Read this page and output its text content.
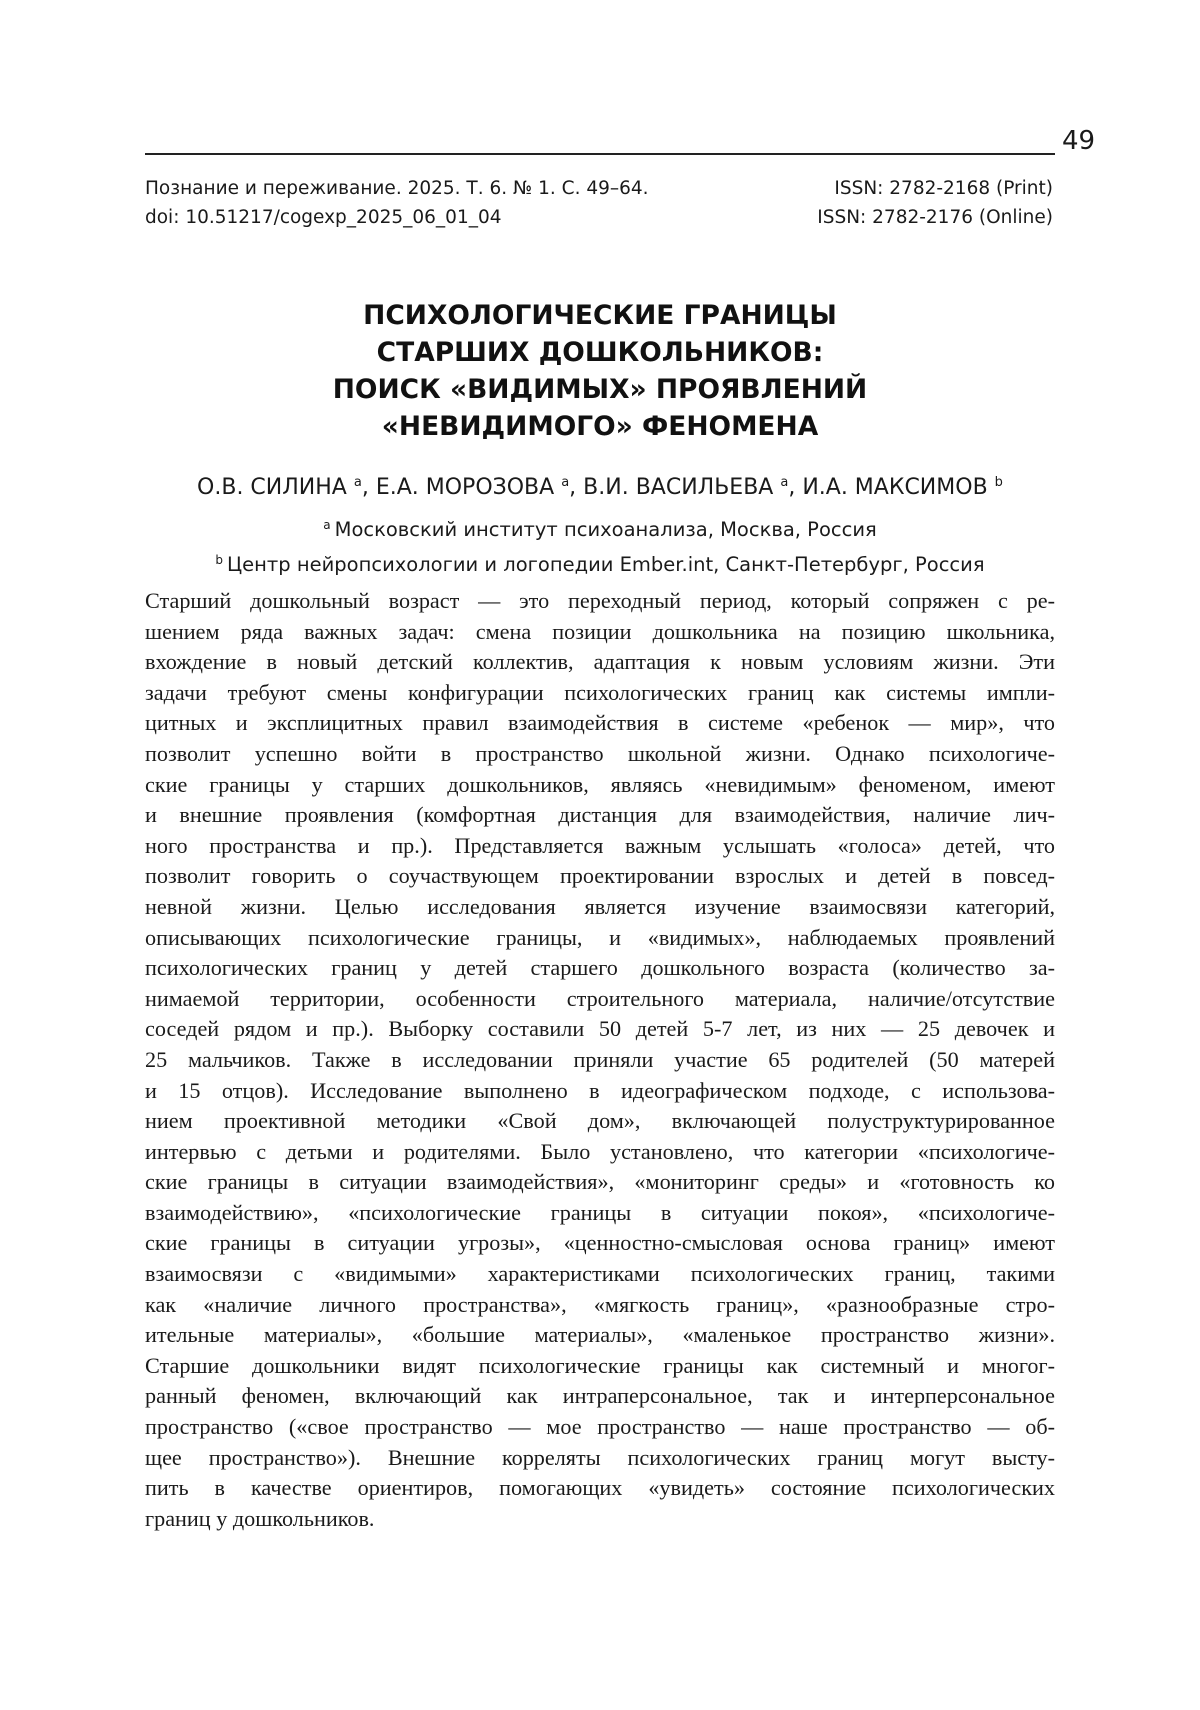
49
Познание и переживание. 2025. Т. 6. № 1. С. 49–64.
doi: 10.51217/cogexp_2025_06_01_04
ISSN: 2782-2168 (Print)
ISSN: 2782-2176 (Online)
ПСИХОЛОГИЧЕСКИЕ ГРАНИЦЫ
СТАРШИХ ДОШКОЛЬНИКОВ:
ПОИСК «ВИДИМЫХ» ПРОЯВЛЕНИЙ
«НЕВИДИМОГО» ФЕНОМЕНА
О.В. СИЛИНА $^a$, Е.А. МОРОЗОВА $^a$, В.И. ВАСИЛЬЕВА $^a$, И.А. МАКСИМОВ $^b$
$^a$ Московский институт психоанализа, Москва, Россия
$^b$ Центр нейропсихологии и логопедии Ember.int, Санкт-Петербург, Россия
Старший дошкольный возраст — это переходный период, который сопряжен с ре-
шением ряда важных задач: смена позиции дошкольника на позицию школьника,
вхождение в новый детский коллектив, адаптация к новым условиям жизни. Эти
задачи требуют смены конфигурации психологических границ как системы импли-
цитных и эксплицитных правил взаимодействия в системе «ребенок — мир», что
позволит успешно войти в пространство школьной жизни. Однако психологиче-
ские границы у старших дошкольников, являясь «невидимым» феноменом, имеют
и внешние проявления (комфортная дистанция для взаимодействия, наличие лич-
ного пространства и пр.). Представляется важным услышать «голоса» детей, что
позволит говорить о соучаствующем проектировании взрослых и детей в повсед-
невной жизни. Целью исследования является изучение взаимосвязи категорий,
описывающих психологические границы, и «видимых», наблюдаемых проявлений
психологических границ у детей старшего дошкольного возраста (количество за-
нимаемой территории, особенности строительного материала, наличие/отсутствие
соседей рядом и пр.). Выборку составили 50 детей 5-7 лет, из них — 25 девочек и
25 мальчиков. Также в исследовании приняли участие 65 родителей (50 матерей
и 15 отцов). Исследование выполнено в идеографическом подходе, с использова-
нием проективной методики «Свой дом», включающей полуструктурированное
интервью с детьми и родителями. Было установлено, что категории «психологиче-
ские границы в ситуации взаимодействия», «мониторинг среды» и «готовность ко
взаимодействию», «психологические границы в ситуации покоя», «психологиче-
ские границы в ситуации угрозы», «ценностно-смысловая основа границ» имеют
взаимосвязи с «видимыми» характеристиками психологических границ, такими
как «наличие личного пространства», «мягкость границ», «разнообразные стро-
ительные материалы», «большие материалы», «маленькое пространство жизни».
Старшие дошкольники видят психологические границы как системный и многог-
ранный феномен, включающий как интраперсональное, так и интерперсональное
пространство («свое пространство — мое пространство — наше пространство — об-
щее пространство»). Внешние корреляты психологических границ могут высту-
пить в качестве ориентиров, помогающих «увидеть» состояние психологических
границ у дошкольников.
